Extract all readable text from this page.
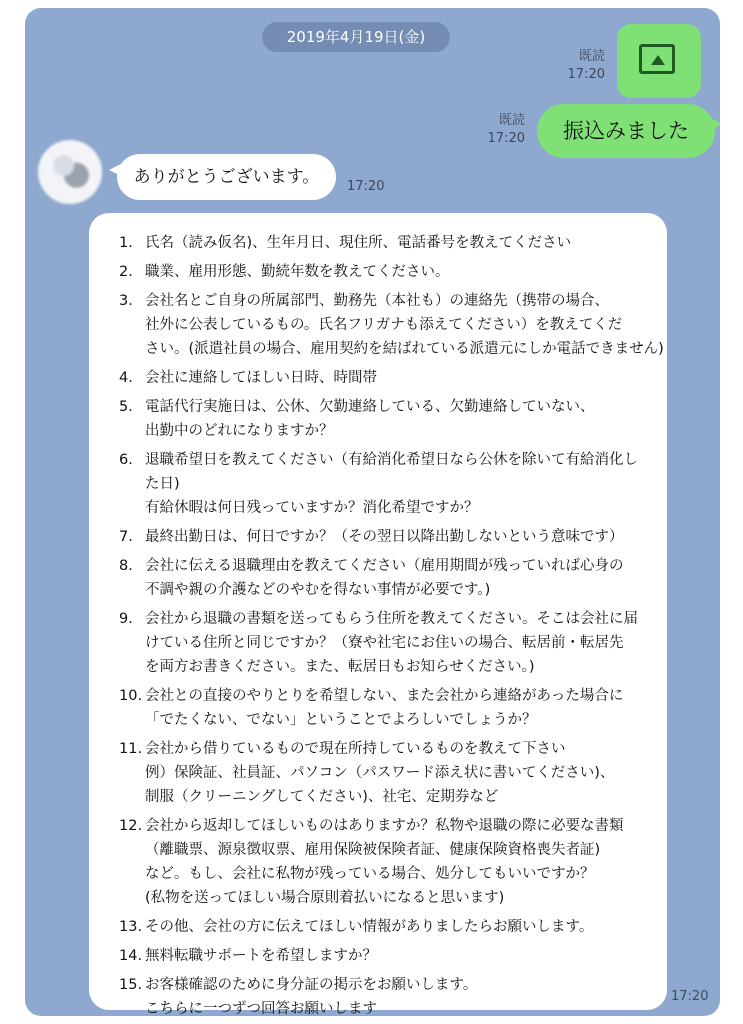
2019年4月19日(金)
既読
17:20
既読
17:20	振込みました
ありがとうございます。	17:20
1. 氏名（読み仮名)、生年月日、現住所、電話番号を教えてください
2. 職業、雇用形態、勤続年数を教えてください。
3. 会社名とご自身の所属部門、勤務先（本社も）の連絡先（携帯の場合、
社外に公表しているもの。氏名フリガナも添えてください）を教えてくだ
さい。(派遣社員の場合、雇用契約を結ばれている派遣元にしか電話できません)
4. 会社に連絡してほしい日時、時間帯
5. 電話代行実施日は、公休、欠勤連絡している、欠勤連絡していない、
出勤中のどれになりますか？
6. 退職希望日を教えてください（有給消化希望日なら公休を除いて有給消化し
た日)
有給休暇は何日残っていますか？消化希望ですか？
7. 最終出勤日は、何日ですか？（その翌日以降出勤しないという意味です）
8. 会社に伝える退職理由を教えてください（雇用期間が残っていれば心身の
不調や親の介護などのやむを得ない事情が必要です。)
9. 会社から退職の書類を送ってもらう住所を教えてください。そこは会社に届
けている住所と同じですか？（寮や社宅にお住いの場合、転居前・転居先
を両方お書きください。また、転居日もお知らせください。)
10. 会社との直接のやりとりを希望しない、また会社から連絡があった場合に
「でたくない、でない」ということでよろしいでしょうか？
11. 会社から借りているもので現在所持しているものを教えて下さい
例）保険証、社員証、パソコン（パスワード添え状に書いてください)、
制服（クリーニングしてください)、社宅、定期券など
12. 会社から返却してほしいものはありますか？私物や退職の際に必要な書類
（離職票、源泉徴収票、雇用保険被保険者証、健康保険資格喪失者証)
など。もし、会社に私物が残っている場合、処分してもいいですか？
(私物を送ってほしい場合原則着払いになると思います)
13. その他、会社の方に伝えてほしい情報がありましたらお願いします。
14. 無料転職サポートを希望しますか？
15. お客様確認のために身分証の掲示をお願いします。
こちらに一つずつ回答お願いします
17:20
